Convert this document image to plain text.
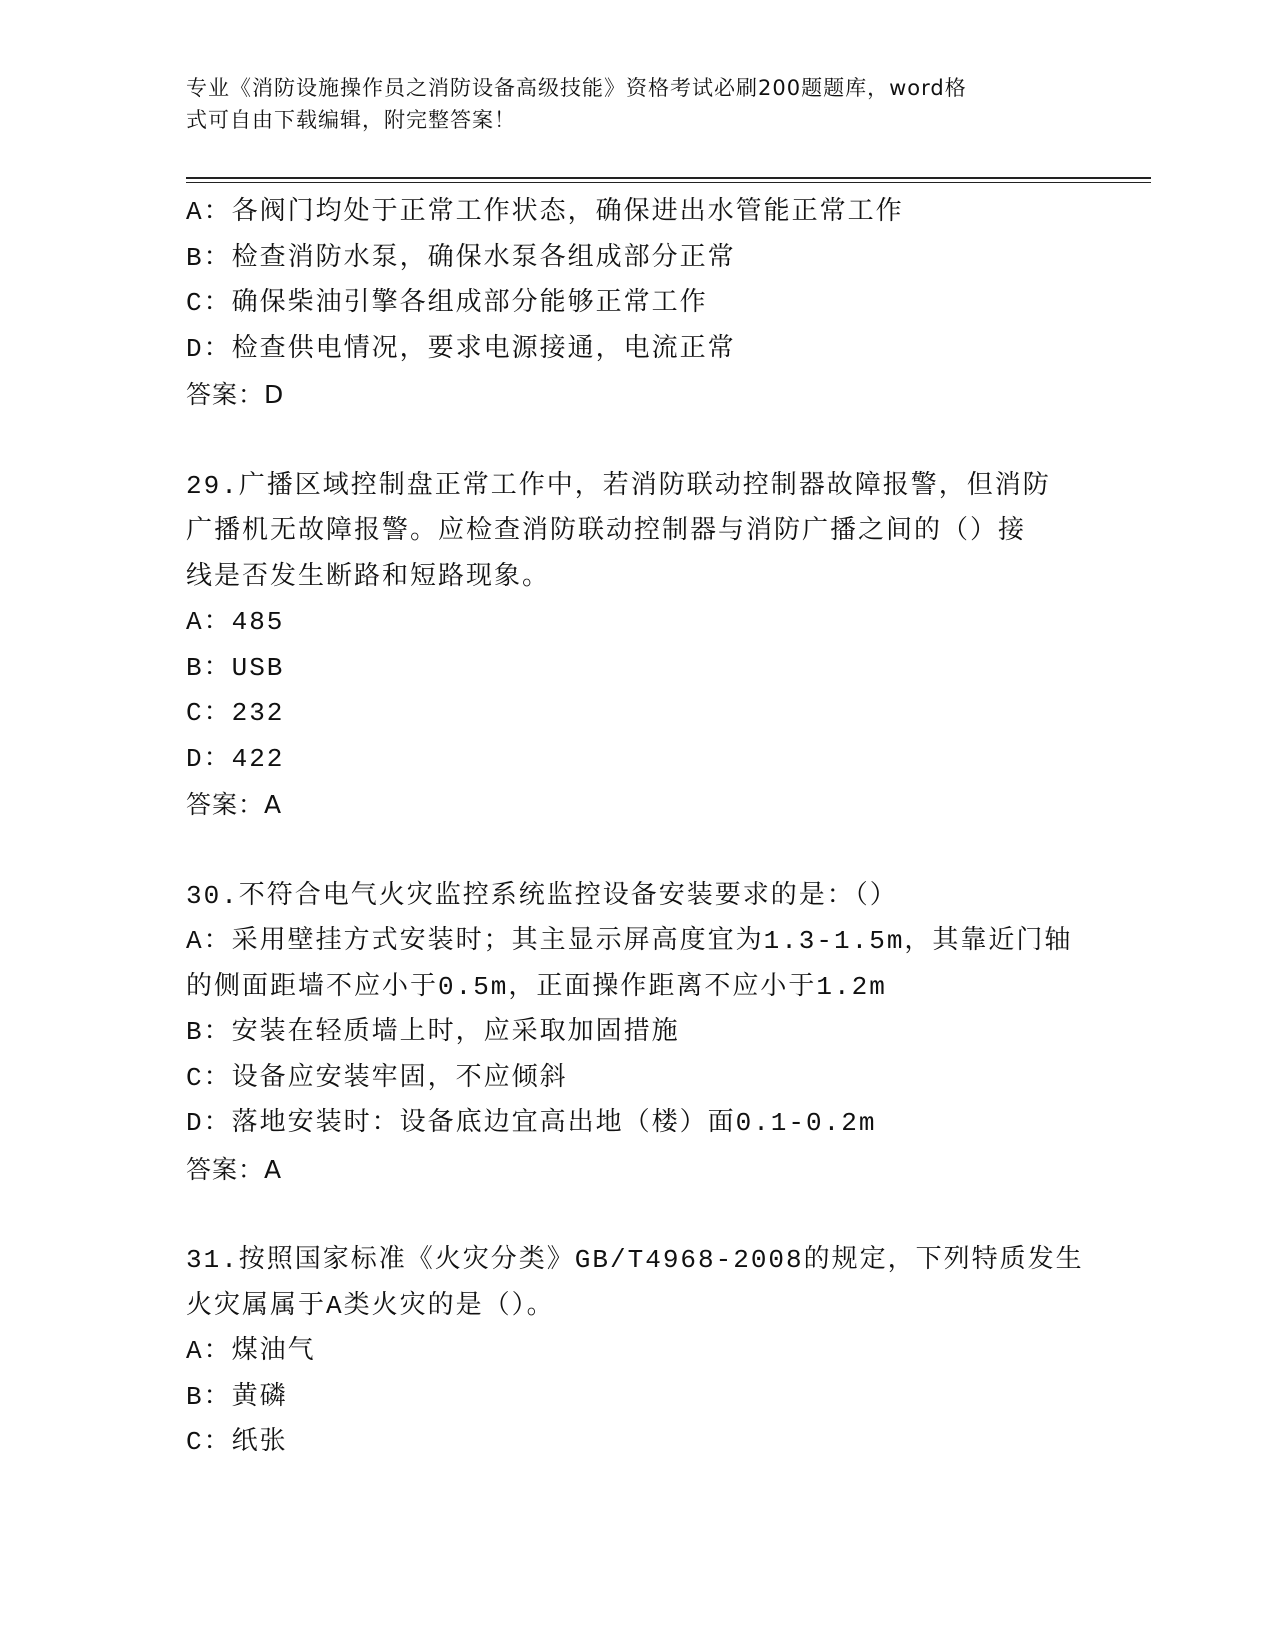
专业《消防设施操作员之消防设备高级技能》资格考试必刷200题题库，word格
式可自由下载编辑，附完整答案！
A：各阀门均处于正常工作状态，确保进出水管能正常工作
B：检查消防水泵，确保水泵各组成部分正常
C：确保柴油引擎各组成部分能够正常工作
D：检查供电情况，要求电源接通，电流正常
答案：D
29.广播区域控制盘正常工作中，若消防联动控制器故障报警，但消防
广播机无故障报警。应检查消防联动控制器与消防广播之间的（）接
线是否发生断路和短路现象。
A：485
B：USB
C：232
D：422
答案：A
30.不符合电气火灾监控系统监控设备安装要求的是：（）
A：采用壁挂方式安装时；其主显示屏高度宜为1.3-1.5m，其靠近门轴
的侧面距墙不应小于0.5m，正面操作距离不应小于1.2m
B：安装在轻质墙上时，应采取加固措施
C：设备应安装牢固，不应倾斜
D：落地安装时：设备底边宜高出地（楼）面0.1-0.2m
答案：A
31.按照国家标准《火灾分类》GB/T4968-2008的规定，下列特质发生
火灾属属于A类火灾的是（）。
A：煤油气
B：黄磷
C：纸张
